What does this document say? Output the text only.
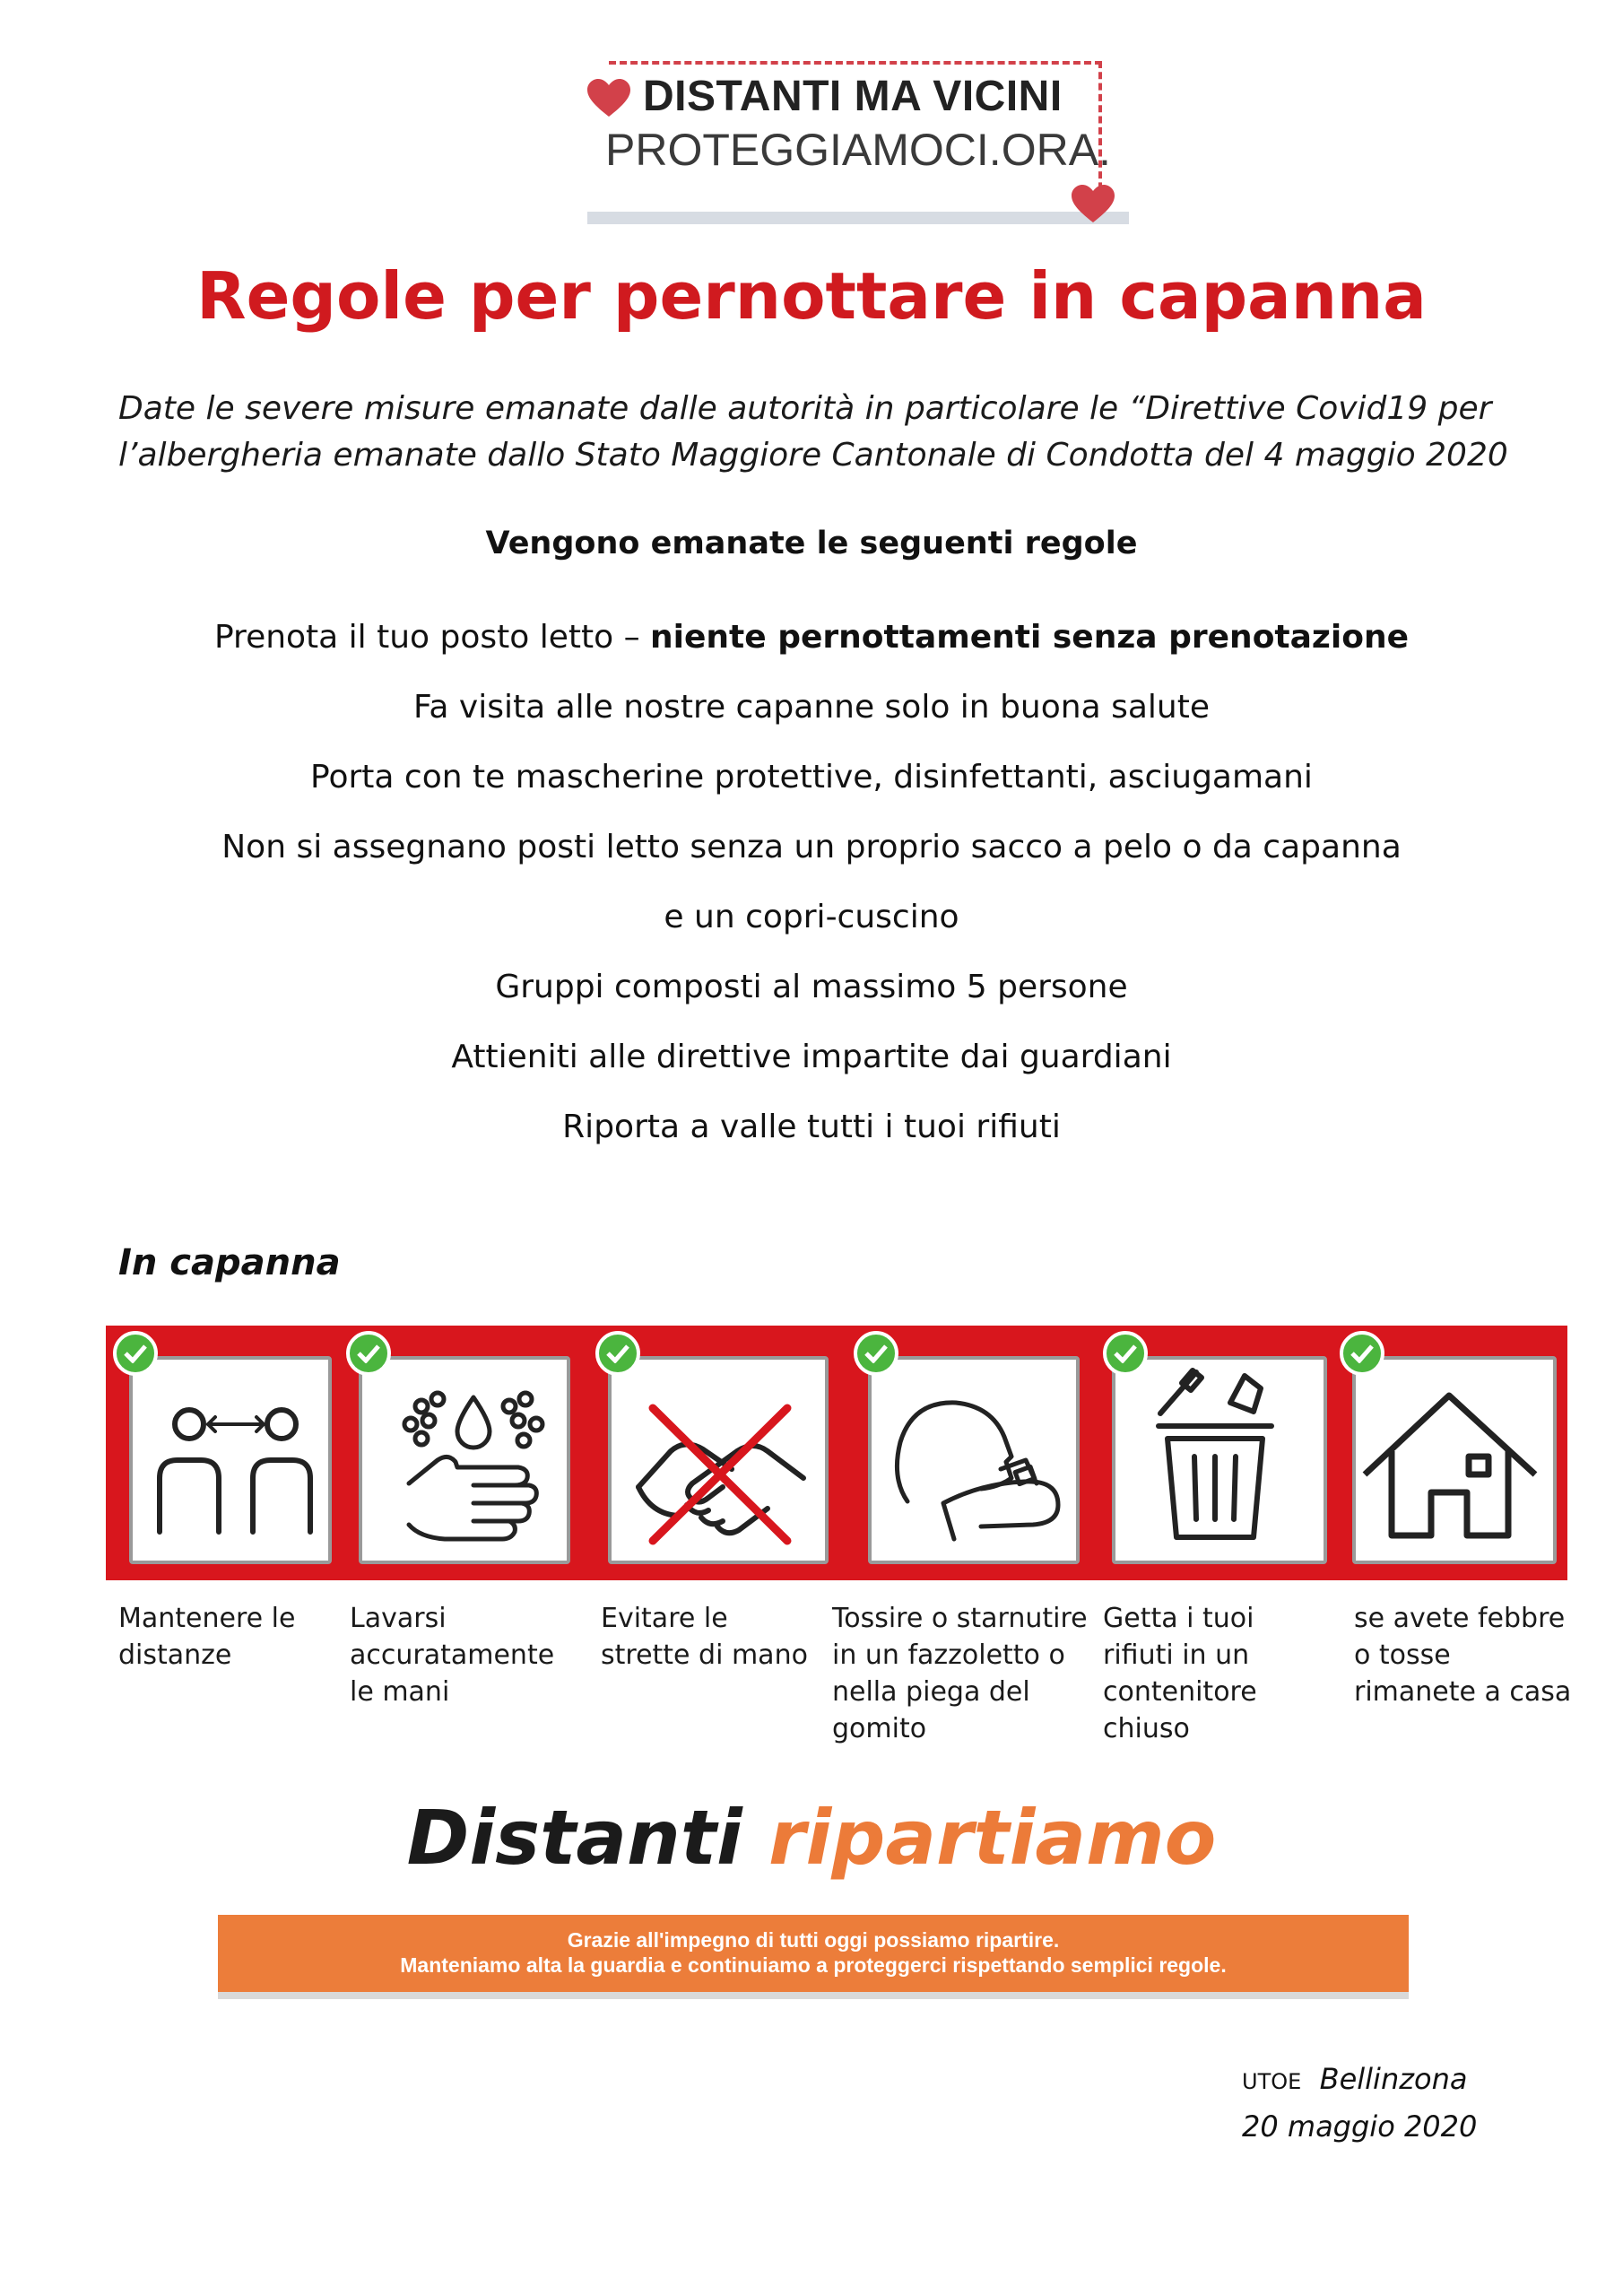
DISTANTI MA VICINI
PROTEGGIAMOCI.ORA.
Regole per pernottare in capanna
Date le severe misure emanate dalle autorità in particolare le “Direttive Covid19 per l’albergheria emanate dallo Stato Maggiore Cantonale di Condotta del 4 maggio 2020
Vengono emanate le seguenti regole
Prenota il tuo posto letto – niente pernottamenti senza prenotazione
Fa visita alle nostre capanne solo in buona salute
Porta con te mascherine protettive, disinfettanti, asciugamani
Non si assegnano posti letto senza un proprio sacco a pelo o da capanna
e un copri-cuscino
Gruppi composti al massimo 5 persone
Attieniti alle direttive impartite dai guardiani
Riporta a valle tutti i tuoi rifiuti
In capanna
Mantenere le distanze
Lavarsi accuratamente le mani
Evitare le strette di mano
Tossire o starnutire in un fazzoletto o nella piega del gomito
Getta i tuoi rifiuti in un contenitore chiuso
se avete febbre o tosse rimanete a casa
Distanti ripartiamo
Grazie all'impegno di tutti oggi possiamo ripartire.
Manteniamo alta la guardia e continuiamo a proteggerci rispettando semplici regole.
UTOE Bellinzona
20 maggio 2020
